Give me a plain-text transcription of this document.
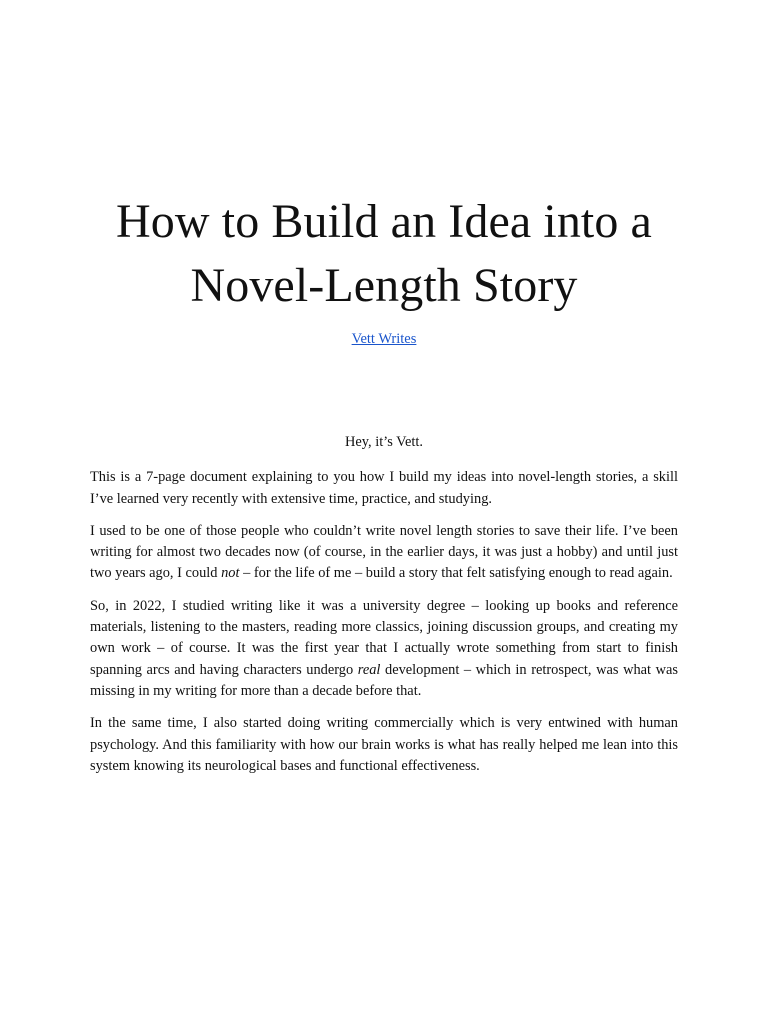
How to Build an Idea into a
Novel-Length Story
Vett Writes

Hey, it’s Vett.

This is a 7-page document explaining to you how I build my ideas into novel-length stories, a skill I’ve learned very recently with extensive time, practice, and studying.

I used to be one of those people who couldn’t write novel length stories to save their life. I’ve been writing for almost two decades now (of course, in the earlier days, it was just a hobby) and until just two years ago, I could not – for the life of me – build a story that felt satisfying enough to read again.

So, in 2022, I studied writing like it was a university degree – looking up books and reference materials, listening to the masters, reading more classics, joining discussion groups, and creating my own work – of course. It was the first year that I actually wrote something from start to finish spanning arcs and having characters undergo real development – which in retrospect, was what was missing in my writing for more than a decade before that.

In the same time, I also started doing writing commercially which is very entwined with human psychology. And this familiarity with how our brain works is what has really helped me lean into this system knowing its neurological bases and functional effectiveness.
